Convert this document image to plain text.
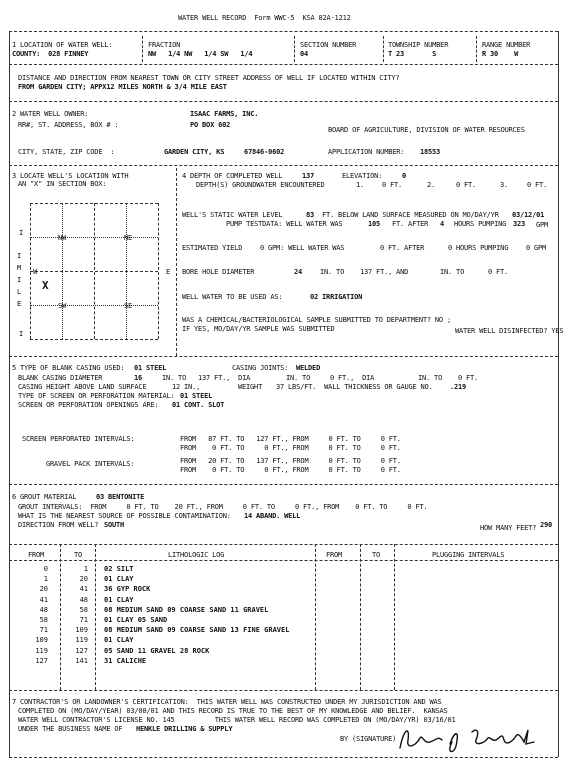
WATER WELL RECORD  Form WWC-5  KSA 82A-1212
1 LOCATION OF WATER WELL:
COUNTY:  028 FINNEY
FRACTION
NW   1/4 NW   1/4 SW   1/4
SECTION NUMBER
04
TOWNSHIP NUMBER
T 23       S
RANGE NUMBER
R 30    W
DISTANCE AND DIRECTION FROM NEAREST TOWN OR CITY STREET ADDRESS OF WELL IF LOCATED WITHIN CITY?
FROM GARDEN CITY; APPX12 MILES NORTH & 3/4 MILE EAST
2 WATER WELL OWNER:	ISAAC FARMS, INC.
RR#, ST. ADDRESS, BOX # :	PO BOX 602
BOARD OF AGRICULTURE, DIVISION OF WATER RESOURCES
CITY, STATE, ZIP CODE  :	GARDEN CITY, KS	67846-0602	APPLICATION NUMBER: 18553
3 LOCATE WELL'S LOCATION WITH
AN "X" IN SECTION BOX:
NW	NE
SW	SE
W	E
I
I
M
I
L
E
I
X
4 DEPTH OF COMPLETED WELL	137	ELEVATION:	0
DEPTH(S) GROUNDWATER ENCOUNTERED	1.	0 FT.	2.	0 FT.	3.	0 FT.
WELL'S STATIC WATER LEVEL	83 FT. BELOW LAND SURFACE MEASURED ON MO/DAY/YR 03/12/01
PUMP TESTDATA: WELL WATER WAS	105 FT. AFTER 4 HOURS PUMPING 323 GPM
ESTIMATED YIELD	0 GPM: WELL WATER WAS	0 FT. AFTER	0 HOURS PUMPING	0 GPM
BORE HOLE DIAMETER	24	IN. TO 137 FT., AND	IN. TO	0 FT.
WELL WATER TO BE USED AS:	02 IRRIGATION
WAS A CHEMICAL/BACTERIOLOGICAL SAMPLE SUBMITTED TO DEPARTMENT? NO ;
IF YES, MO/DAY/YR SAMPLE WAS SUBMITTED	WATER WELL DISINFECTED? YES
5 TYPE OF BLANK CASING USED: 01 STEEL	CASING JOINTS: WELDED
BLANK CASING DIAMETER	16	IN. TO 137 FT.,  DIA	IN. TO	0 FT.,  DIA	IN. TO 0 FT.
CASING HEIGHT ABOVE LAND SURFACE	12 IN.,	WEIGHT 37 LBS/FT.  WALL THICKNESS OR GAUGE NO. .219
TYPE OF SCREEN OR PERFORATION MATERIAL: 01 STEEL
SCREEN OR PERFORATION OPENINGS ARE: 01 CONT. SLOT
SCREEN PERFORATED INTERVALS:	FROM   87 FT. TO   127 FT., FROM     0 FT. TO     0 FT.
FROM    0 FT. TO     0 FT., FROM     0 FT. TO     0 FT.
GRAVEL PACK INTERVALS:	FROM   20 FT. TO   137 FT., FROM     0 FT. TO     0 FT.
FROM    0 FT. TO     0 FT., FROM     0 FT. TO     0 FT.
6 GROUT MATERIAL	03 BENTONITE
GROUT INTERVALS:  FROM     0 FT. TO    20 FT., FROM     0 FT. TO     0 FT., FROM    0 FT. TO     0 FT.
WHAT IS THE NEAREST SOURCE OF POSSIBLE CONTAMINATION: 14 ABAND. WELL
DIRECTION FROM WELL? SOUTH	HOW MANY FEET? 290
FROM	TO	LITHOLOGIC LOG	FROM	TO	PLUGGING INTERVALS
0	1 02 SILT
1	20 01 CLAY
20	41 36 GYP ROCK
41	48 01 CLAY
48	58 08 MEDIUM SAND 09 COARSE SAND 11 GRAVEL
58	71 01 CLAY 05 SAND
71	109 08 MEDIUM SAND 09 COARSE SAND 13 FINE GRAVEL
109	119 01 CLAY
119	127 05 SAND 11 GRAVEL 28 ROCK
127	141 31 CALICHE
7 CONTRACTOR'S OR LANDOWNER'S CERTIFICATION:  THIS WATER WELL WAS CONSTRUCTED UNDER MY JURISDICTION AND WAS
COMPLETED ON (MO/DAY/YEAR) 03/08/01 AND THIS RECORD IS TRUE TO THE BEST OF MY KNOWLEDGE AND BELIEF.  KANSAS
WATER WELL CONTRACTOR'S LICENSE NO. 145          THIS WATER WELL RECORD WAS COMPLETED ON (MO/DAY/YR) 03/16/01
UNDER THE BUSINESS NAME OF HENKLE DRILLING & SUPPLY
BY (SIGNATURE)
